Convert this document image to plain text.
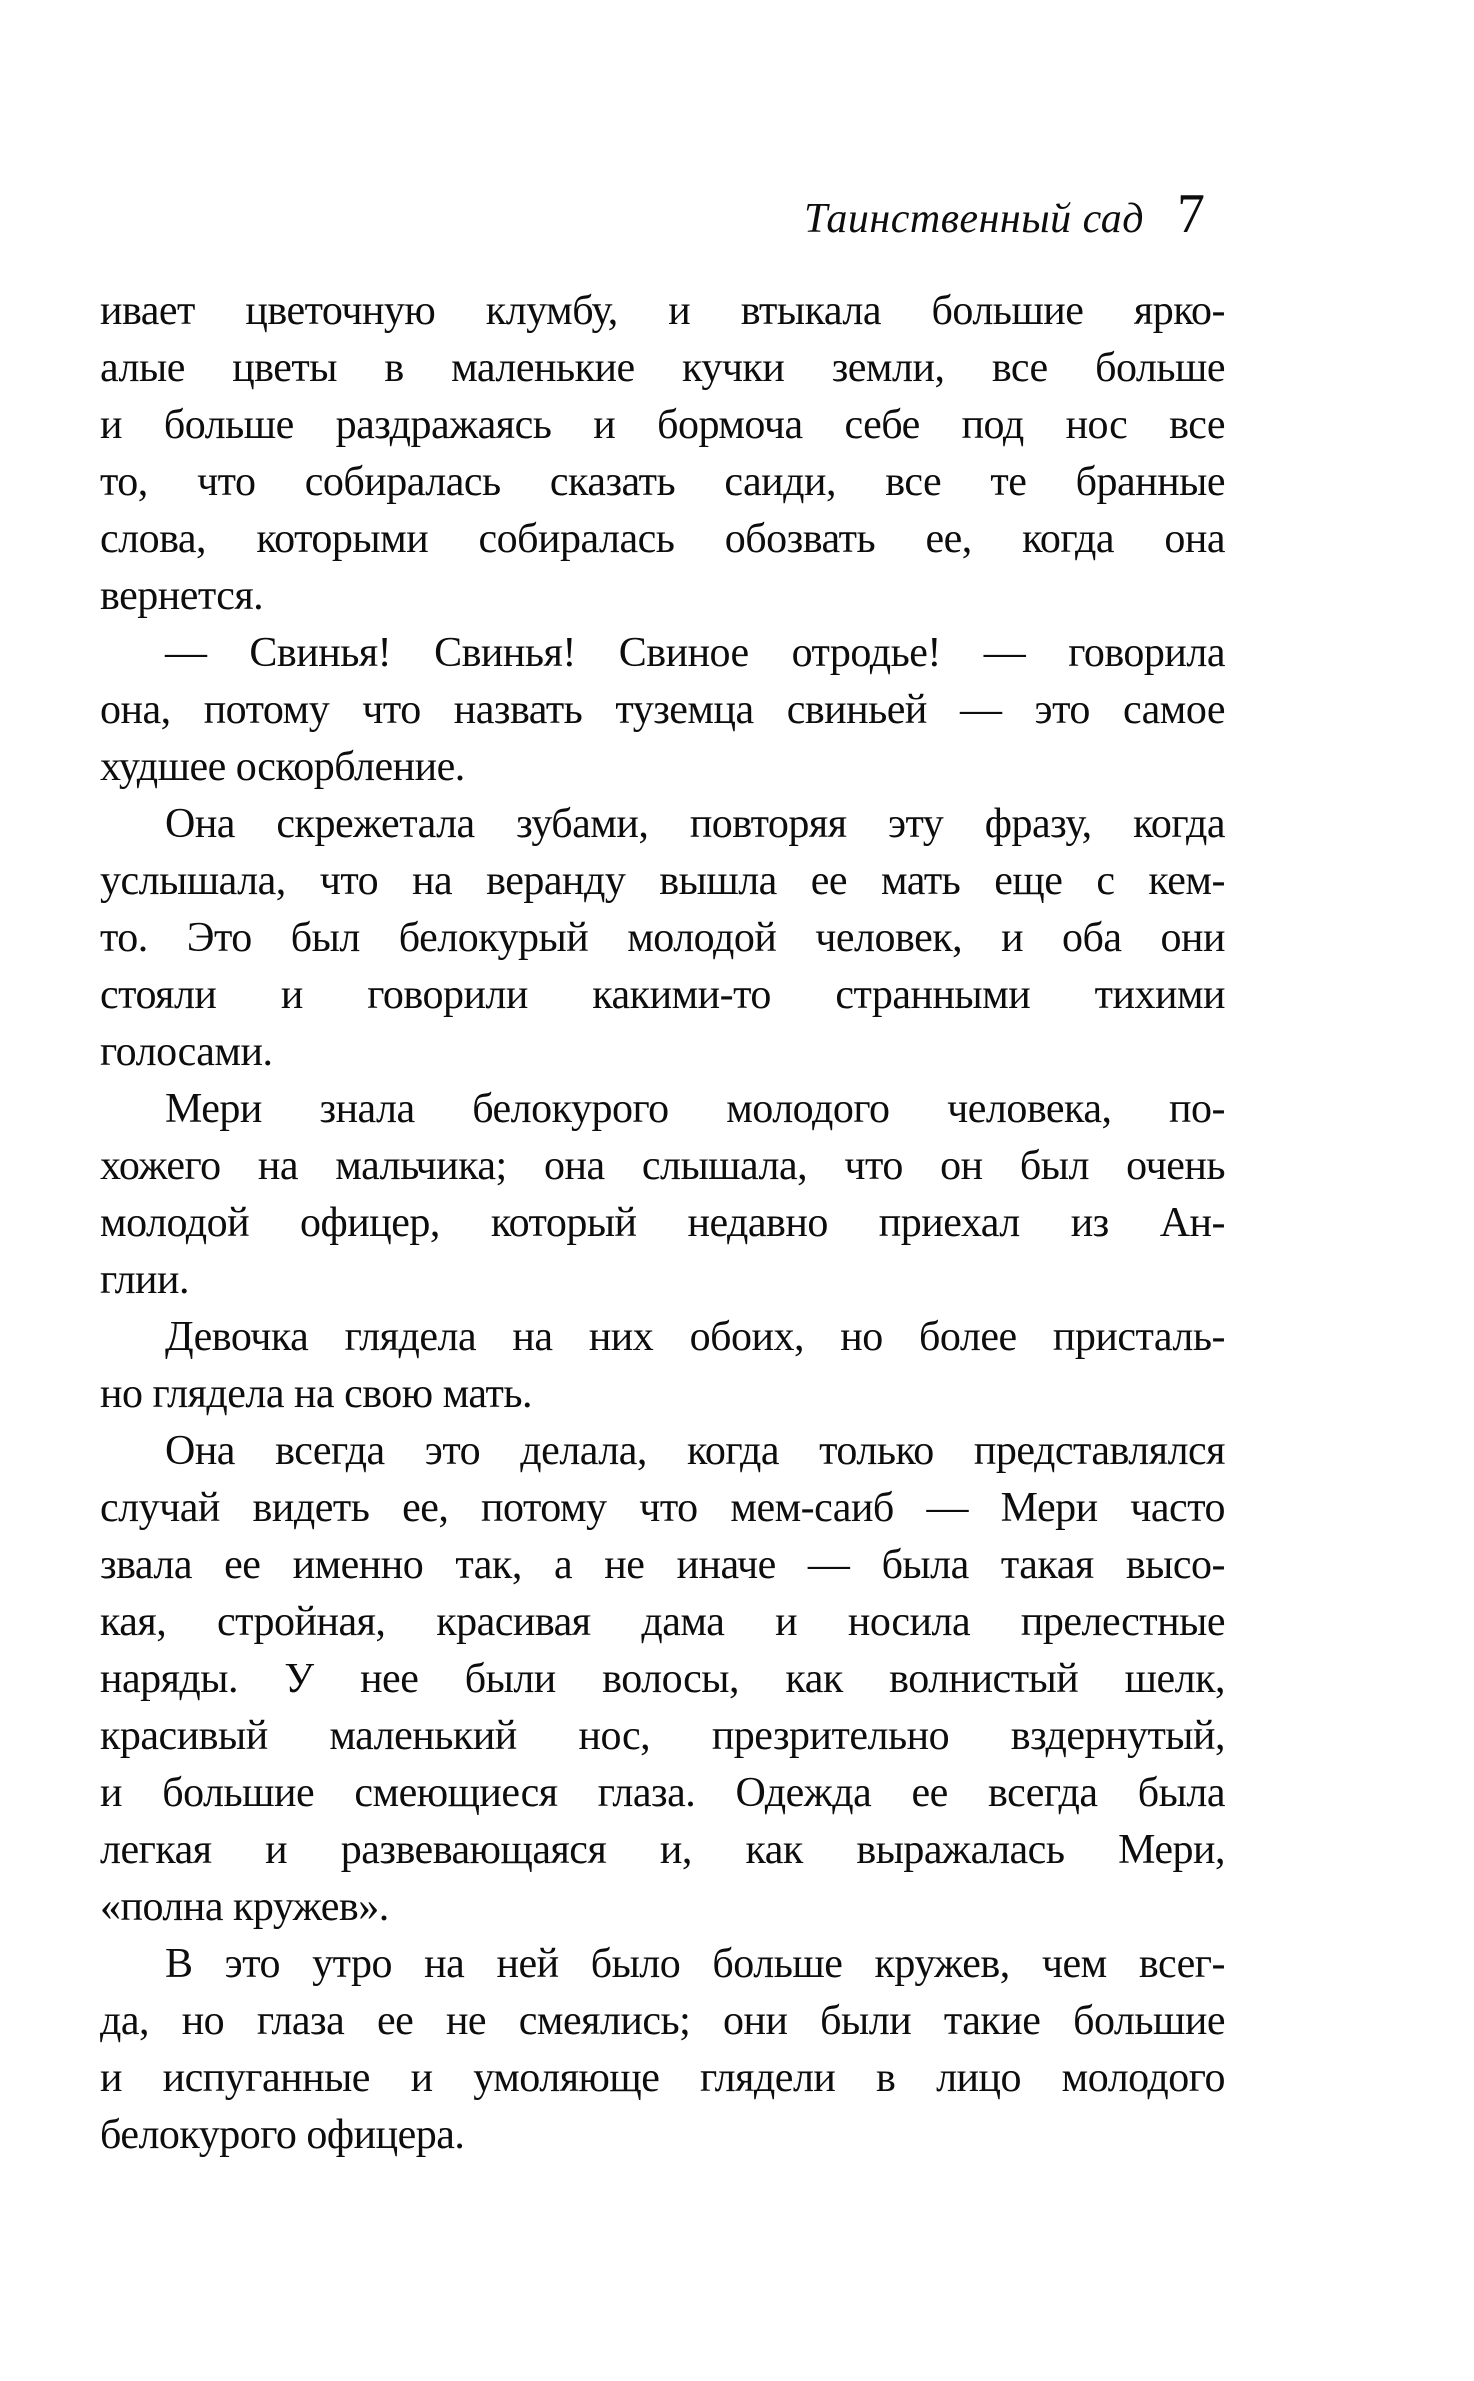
Таинственный сад 7
ивает цветочную клумбу, и втыкала большие ярко-
алые цветы в маленькие кучки земли, все больше
и больше раздражаясь и бормоча себе под нос все
то, что собиралась сказать саиди, все те бранные
слова, которыми собиралась обозвать ее, когда она
вернется.
— Свинья! Свинья! Свиное отродье! — говорила
она, потому что назвать туземца свиньей — это самое
худшее оскорбление.
Она скрежетала зубами, повторяя эту фразу, когда
услышала, что на веранду вышла ее мать еще с кем-
то. Это был белокурый молодой человек, и оба они
стояли и говорили какими-то странными тихими
голосами.
Мери знала белокурого молодого человека, по-
хожего на мальчика; она слышала, что он был очень
молодой офицер, который недавно приехал из Ан-
глии.
Девочка глядела на них обоих, но более присталь-
но глядела на свою мать.
Она всегда это делала, когда только представлялся
случай видеть ее, потому что мем-саиб — Мери часто
звала ее именно так, а не иначе — была такая высо-
кая, стройная, красивая дама и носила прелестные
наряды. У нее были волосы, как волнистый шелк,
красивый маленький нос, презрительно вздернутый,
и большие смеющиеся глаза. Одежда ее всегда была
легкая и развевающаяся и, как выражалась Мери,
«полна кружев».
В это утро на ней было больше кружев, чем всег-
да, но глаза ее не смеялись; они были такие большие
и испуганные и умоляюще глядели в лицо молодого
белокурого офицера.
